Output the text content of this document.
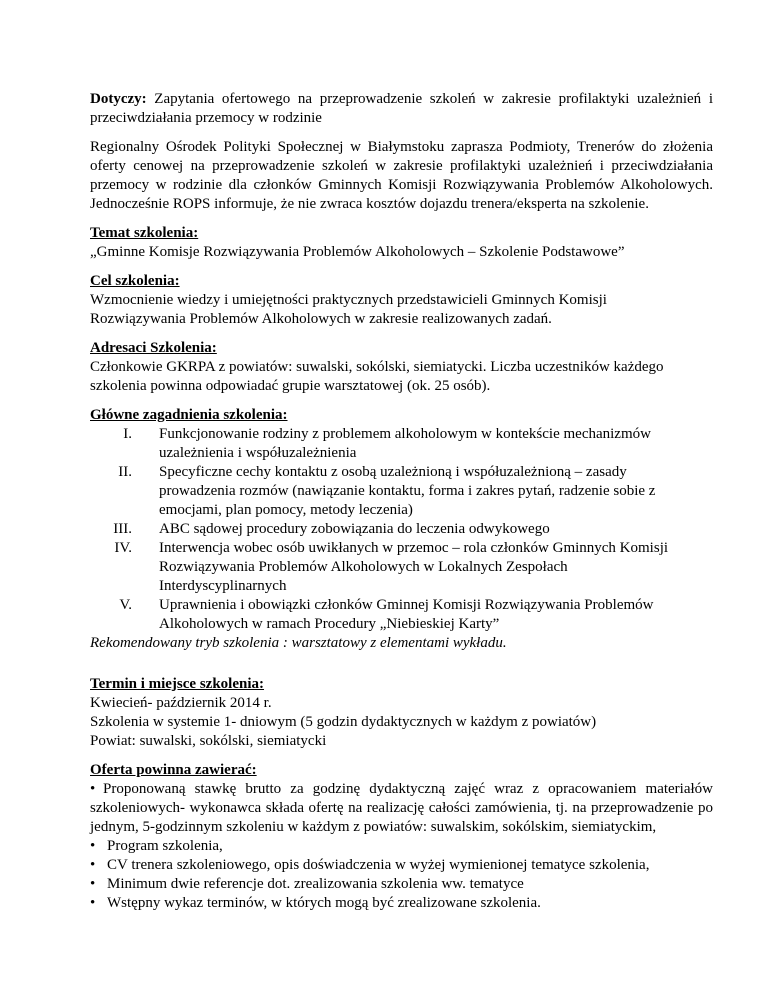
Dotyczy: Zapytania ofertowego na przeprowadzenie szkoleń w zakresie profilaktyki uzależnień i przeciwdziałania przemocy w rodzinie

Regionalny Ośrodek Polityki Społecznej w Białymstoku zaprasza Podmioty, Trenerów do złożenia oferty cenowej na przeprowadzenie szkoleń w zakresie profilaktyki uzależnień i przeciwdziałania przemocy w rodzinie dla członków Gminnych Komisji Rozwiązywania Problemów Alkoholowych. Jednocześnie ROPS informuje, że nie zwraca kosztów dojazdu trenera/eksperta na szkolenie.

Temat szkolenia:

„Gminne Komisje Rozwiązywania Problemów Alkoholowych – Szkolenie Podstawowe”

Cel szkolenia:

Wzmocnienie wiedzy i umiejętności praktycznych przedstawicieli Gminnych Komisji Rozwiązywania Problemów Alkoholowych w zakresie realizowanych zadań.

Adresaci Szkolenia:

Członkowie GKRPA z powiatów: suwalski, sokólski, siemiatycki. Liczba uczestników każdego szkolenia powinna odpowiadać grupie warsztatowej (ok. 25 osób).

Główne zagadnienia szkolenia:

I. Funkcjonowanie rodziny z problemem alkoholowym w kontekście mechanizmów uzależnienia i współuzależnienia
II. Specyficzne cechy kontaktu z osobą uzależnioną i współuzależnioną – zasady prowadzenia rozmów (nawiązanie kontaktu, forma i zakres pytań, radzenie sobie z emocjami, plan pomocy, metody leczenia)
III. ABC sądowej procedury zobowiązania do leczenia odwykowego
IV. Interwencja wobec osób uwikłanych w przemoc – rola członków Gminnych Komisji Rozwiązywania Problemów Alkoholowych w Lokalnych Zespołach Interdyscyplinarnych
V. Uprawnienia i obowiązki członków Gminnej Komisji Rozwiązywania Problemów Alkoholowych w ramach Procedury „Niebieskiej Karty”

Rekomendowany tryb szkolenia : warsztatowy z elementami wykładu.

Termin i miejsce szkolenia:

Kwiecień- październik 2014 r.

Szkolenia w systemie 1- dniowym (5 godzin dydaktycznych w każdym z powiatów)

Powiat: suwalski, sokólski, siemiatycki

Oferta powinna zawierać:

• Proponowaną stawkę brutto za godzinę dydaktyczną zajęć wraz z opracowaniem materiałów szkoleniowych- wykonawca składa ofertę na realizację całości zamówienia, tj. na przeprowadzenie po jednym, 5-godzinnym szkoleniu w każdym z powiatów: suwalskim, sokólskim, siemiatyckim,
• Program szkolenia,
• CV trenera szkoleniowego, opis doświadczenia w wyżej wymienionej tematyce szkolenia,
• Minimum dwie referencje dot. zrealizowania szkolenia ww. tematyce
• Wstępny wykaz terminów, w których mogą być zrealizowane szkolenia.
